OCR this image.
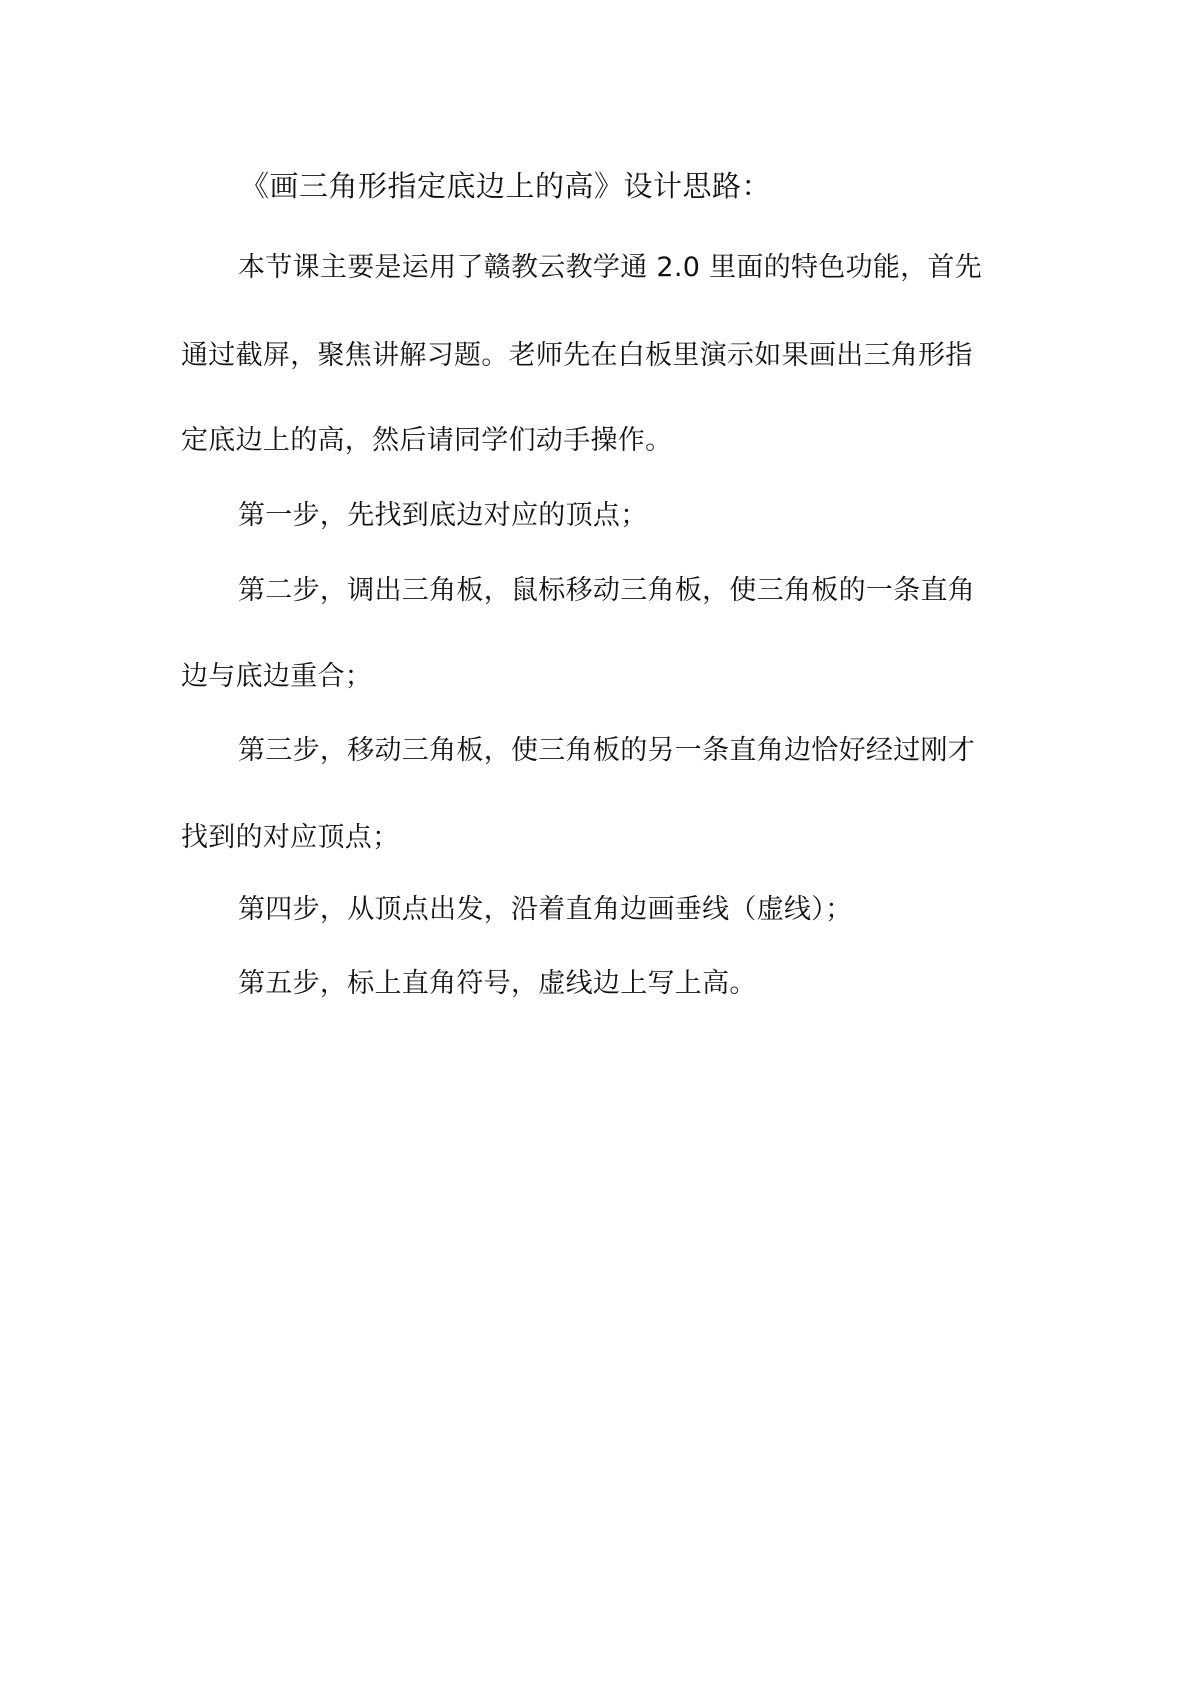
《画三角形指定底边上的高》设计思路：
本节课主要是运用了赣教云教学通 2.0 里面的特色功能，首先
通过截屏，聚焦讲解习题。老师先在白板里演示如果画出三角形指
定底边上的高，然后请同学们动手操作。
第一步，先找到底边对应的顶点；
第二步，调出三角板，鼠标移动三角板，使三角板的一条直角
边与底边重合；
第三步，移动三角板，使三角板的另一条直角边恰好经过刚才
找到的对应顶点；
第四步，从顶点出发，沿着直角边画垂线（虚线）；
第五步，标上直角符号，虚线边上写上高。
